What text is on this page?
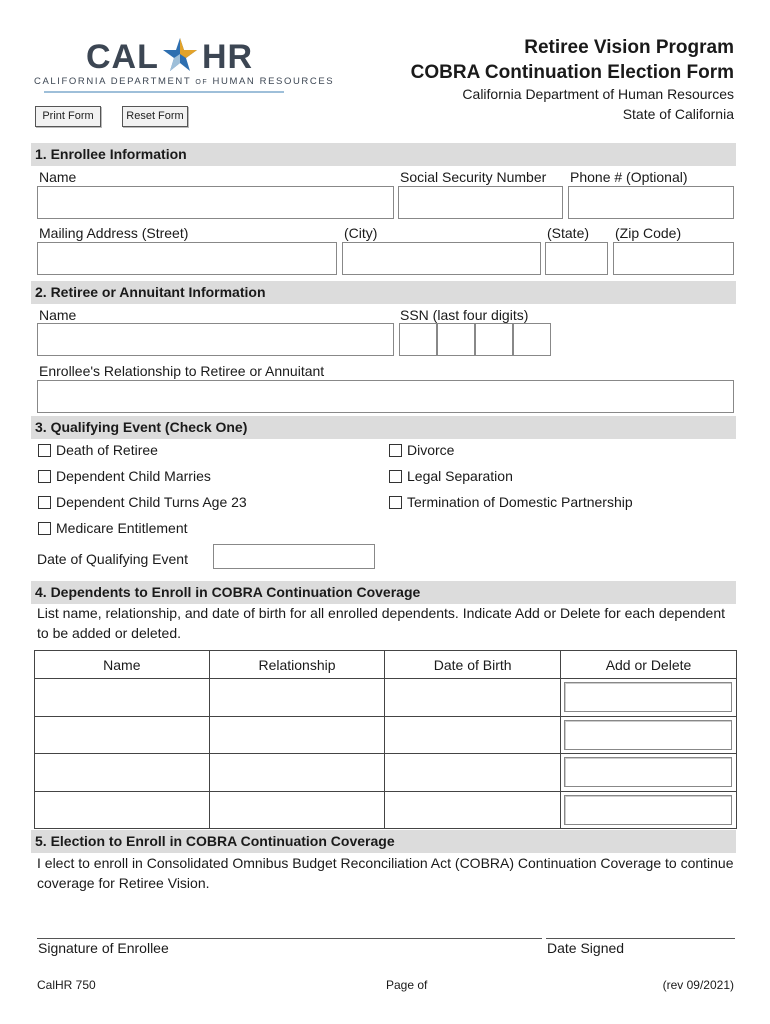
CAL HR
CALIFORNIA DEPARTMENT OF HUMAN RESOURCES
Print Form	Reset Form
Retiree Vision Program
COBRA Continuation Election Form
California Department of Human Resources
State of California
1. Enrollee Information
Name	Social Security Number Phone # (Optional)
Mailing Address (Street)	(City)	(State) (Zip Code)
2. Retiree or Annuitant Information
Name	SSN (last four digits)
Enrollee's Relationship to Retiree or Annuitant
3. Qualifying Event (Check One)
Death of Retiree	Divorce
Dependent Child Marries	Legal Separation
Dependent Child Turns Age 23	Termination of Domestic Partnership
Medicare Entitlement
Date of Qualifying Event
4. Dependents to Enroll in COBRA Continuation Coverage
List name, relationship, and date of birth for all enrolled dependents. Indicate Add or Delete for each dependent to be added or deleted.
Name	Relationship	Date of Birth	Add or Delete

5. Election to Enroll in COBRA Continuation Coverage
I elect to enroll in Consolidated Omnibus Budget Reconciliation Act (COBRA) Continuation Coverage to continue coverage for Retiree Vision.
Signature of Enrollee	Date Signed
CalHR 750	Page of	(rev 09/2021)
